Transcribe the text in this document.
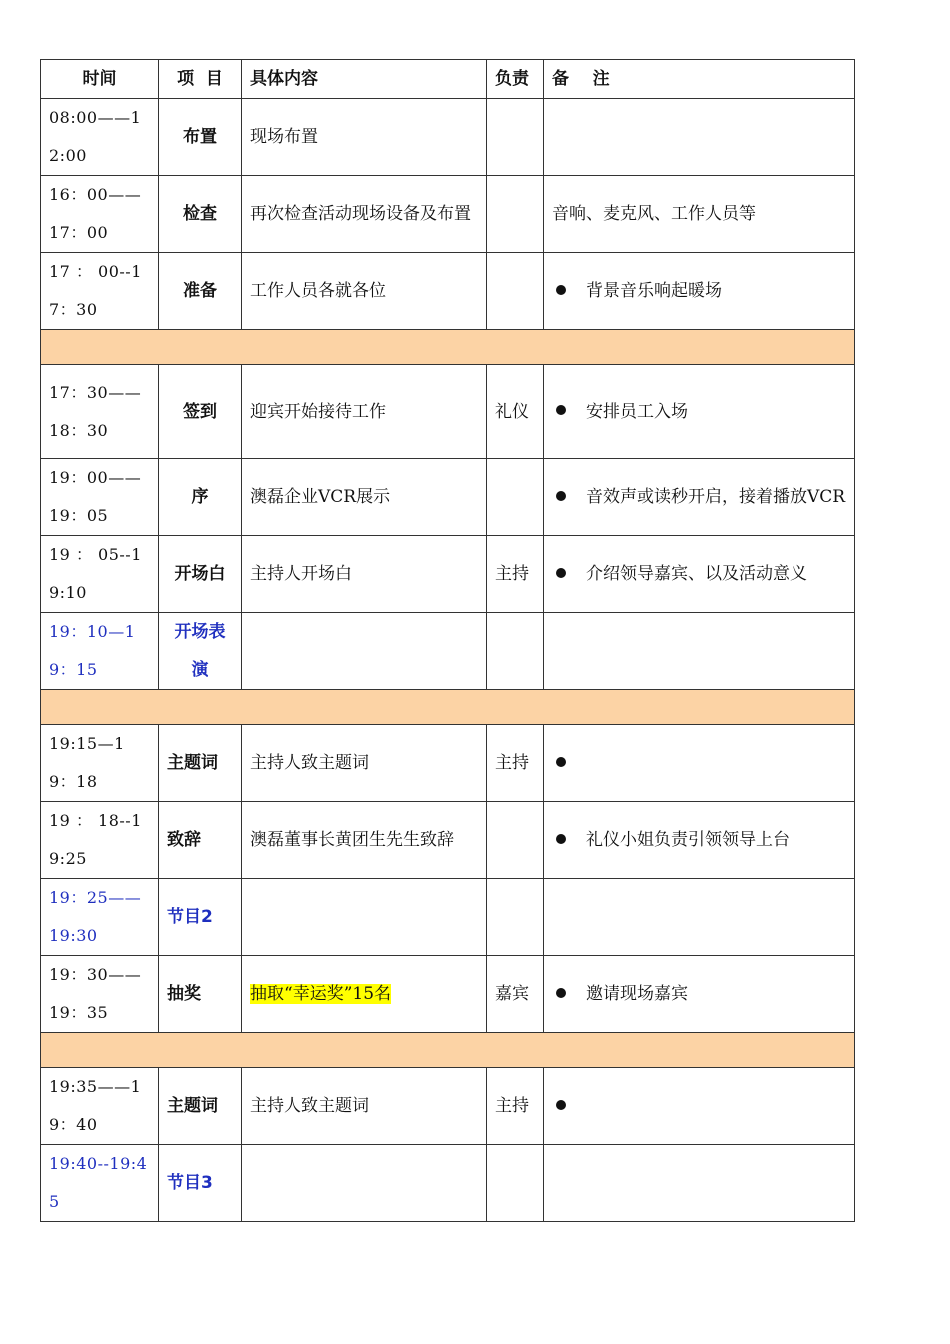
时间	项  目	具体内容	负责	备    注
08:00——12:00	布置	现场布置		
16：00——17：00	检查	再次检查活动现场设备及布置		音响、麦克风、工作人员等
17 ： 00--17：30	准备	工作人员各就各位		背景音乐响起暖场

17：30——18：30	签到	迎宾开始接待工作	礼仪	安排员工入场
19：00——19：05	序	澳磊企业VCR展示		音效声或读秒开启，接着播放VCR
19 ： 05--19:10	开场白	主持人开场白	主持	介绍领导嘉宾、以及活动意义
19：10—19：15	开场表演			

19:15—19：18	主题词	主持人致主题词	主持	
19 ： 18--19:25	致辞	澳磊董事长黄团生先生致辞		礼仪小姐负责引领领导上台
19：25——19:30	节目2			
19：30——19：35	抽奖	抽取“幸运奖”15名	嘉宾	邀请现场嘉宾

19:35——19：40	主题词	主持人致主题词	主持	
19:40--19:45	节目3			
